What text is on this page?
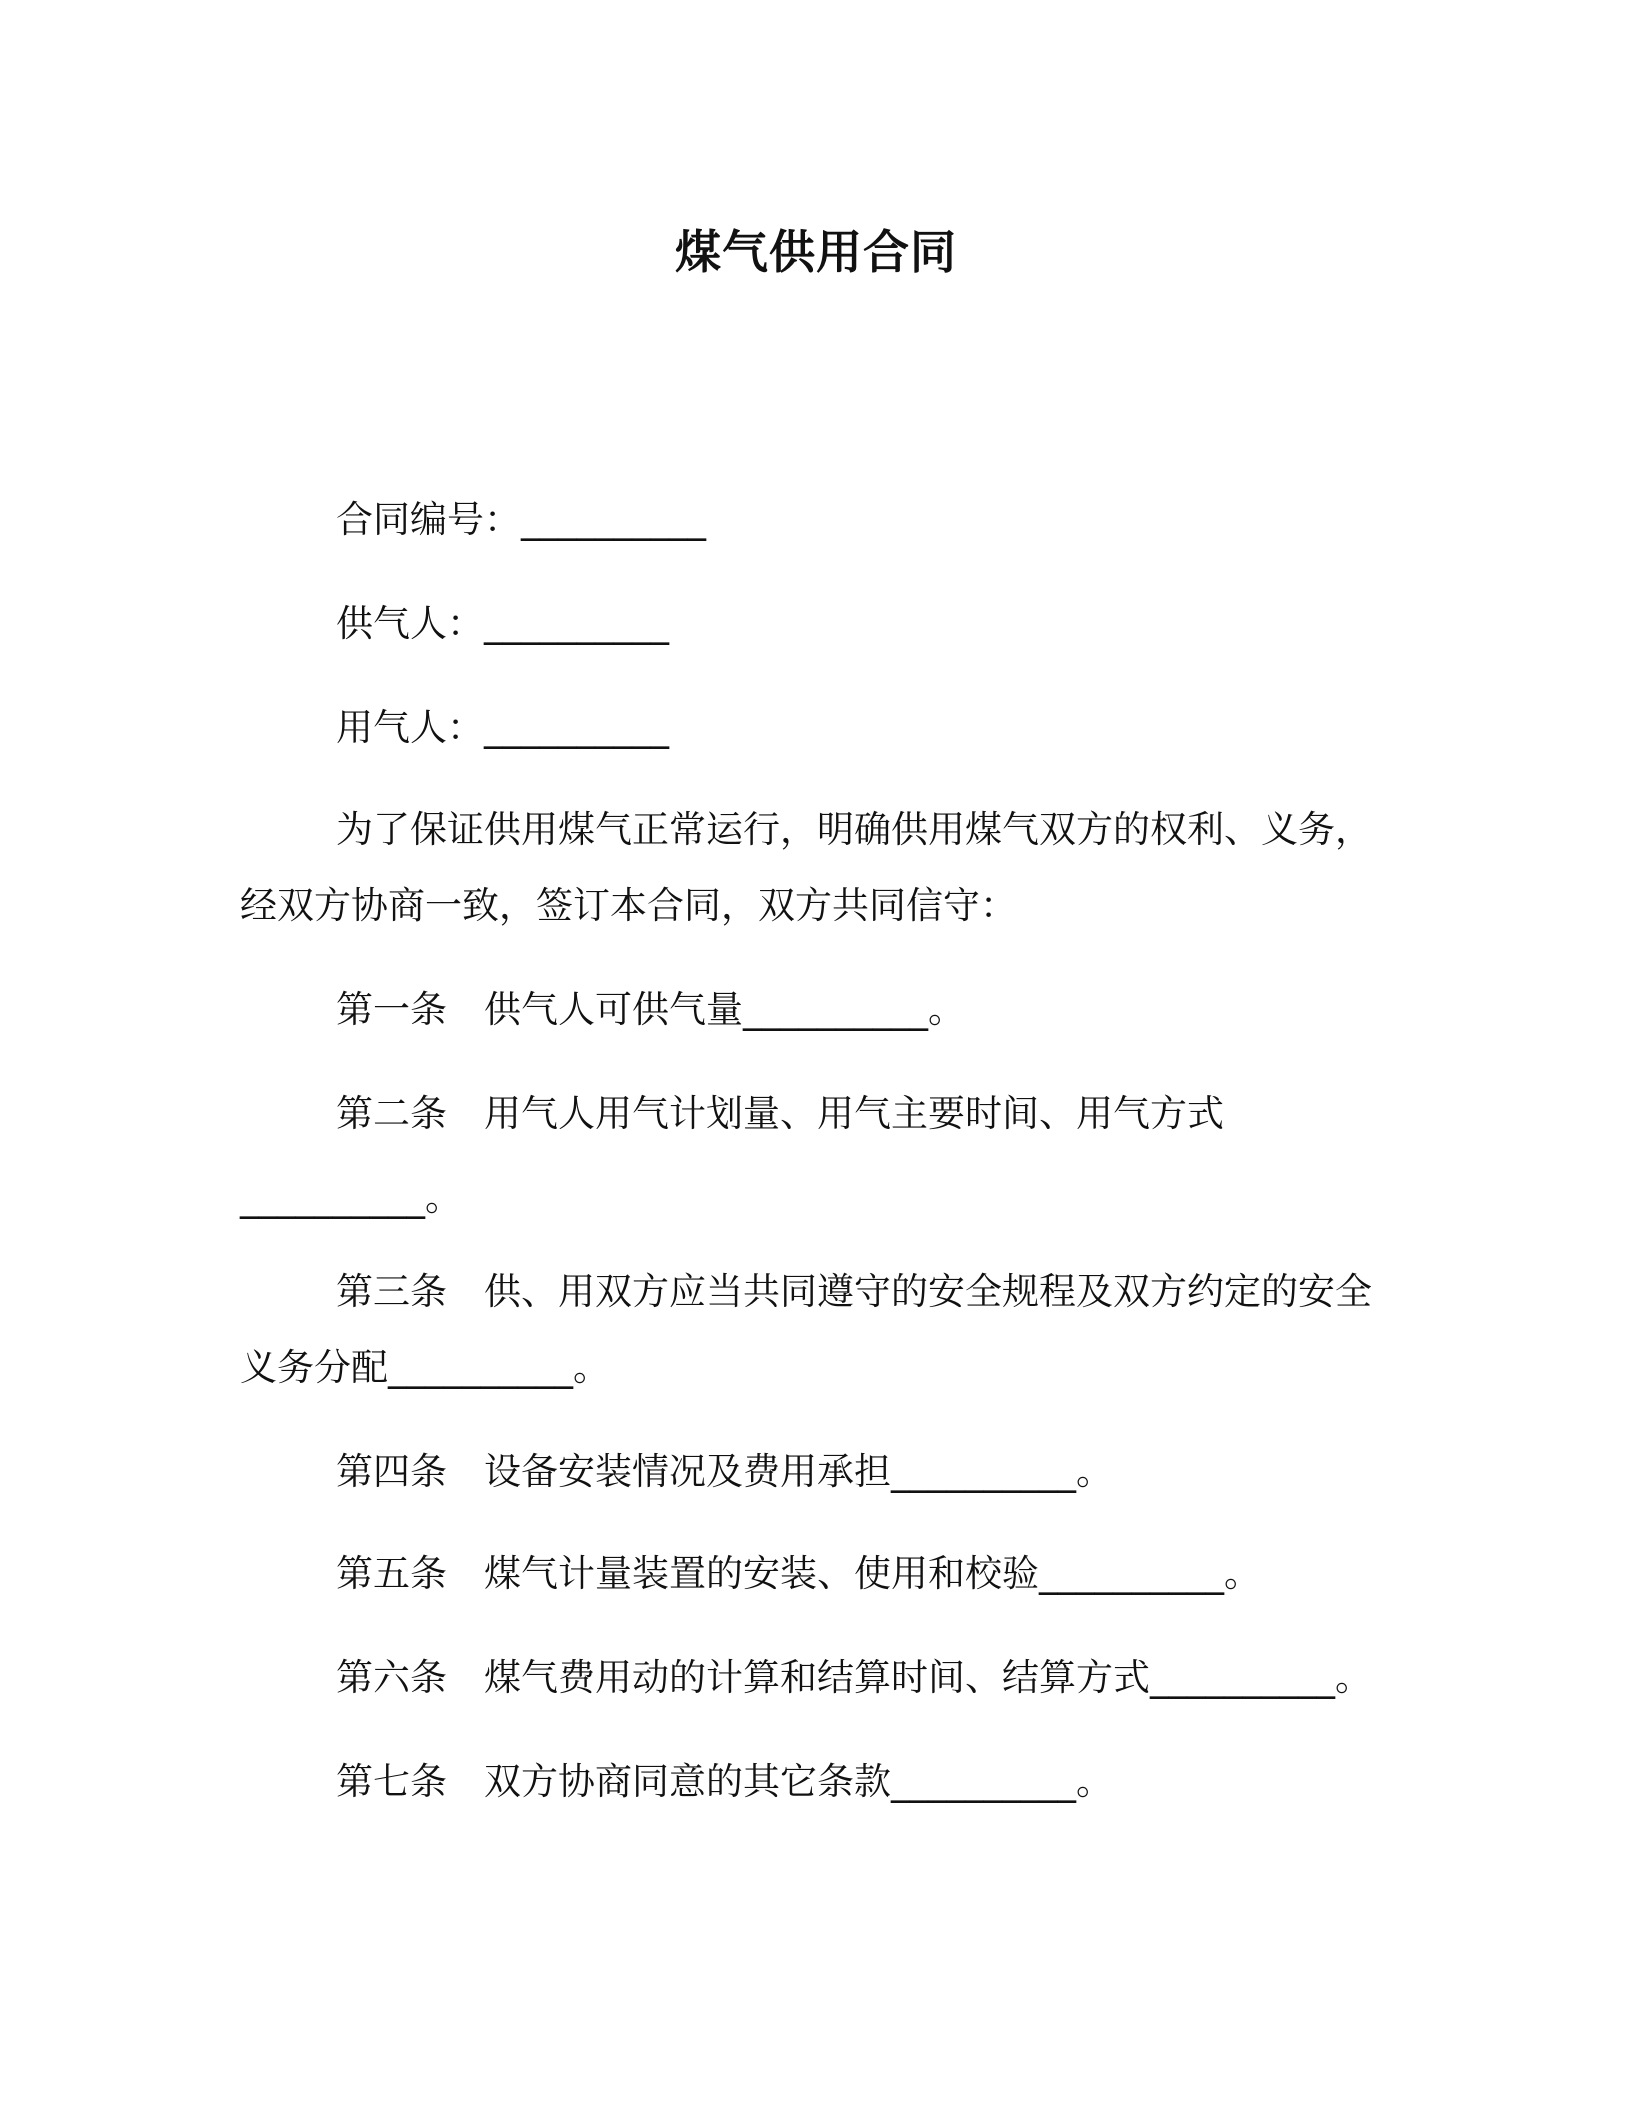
煤气供用合同
合同编号：__________
供气人：__________
用气人：__________
为了保证供用煤气正常运行，明确供用煤气双方的权利、义务，
经双方协商一致，签订本合同，双方共同信守：
第一条 供气人可供气量__________。
第二条 用气人用气计划量、用气主要时间、用气方式
__________。
第三条 供、用双方应当共同遵守的安全规程及双方约定的安全
义务分配__________。
第四条 设备安装情况及费用承担__________。
第五条 煤气计量装置的安装、使用和校验__________。
第六条 煤气费用动的计算和结算时间、结算方式__________。
第七条 双方协商同意的其它条款__________。
